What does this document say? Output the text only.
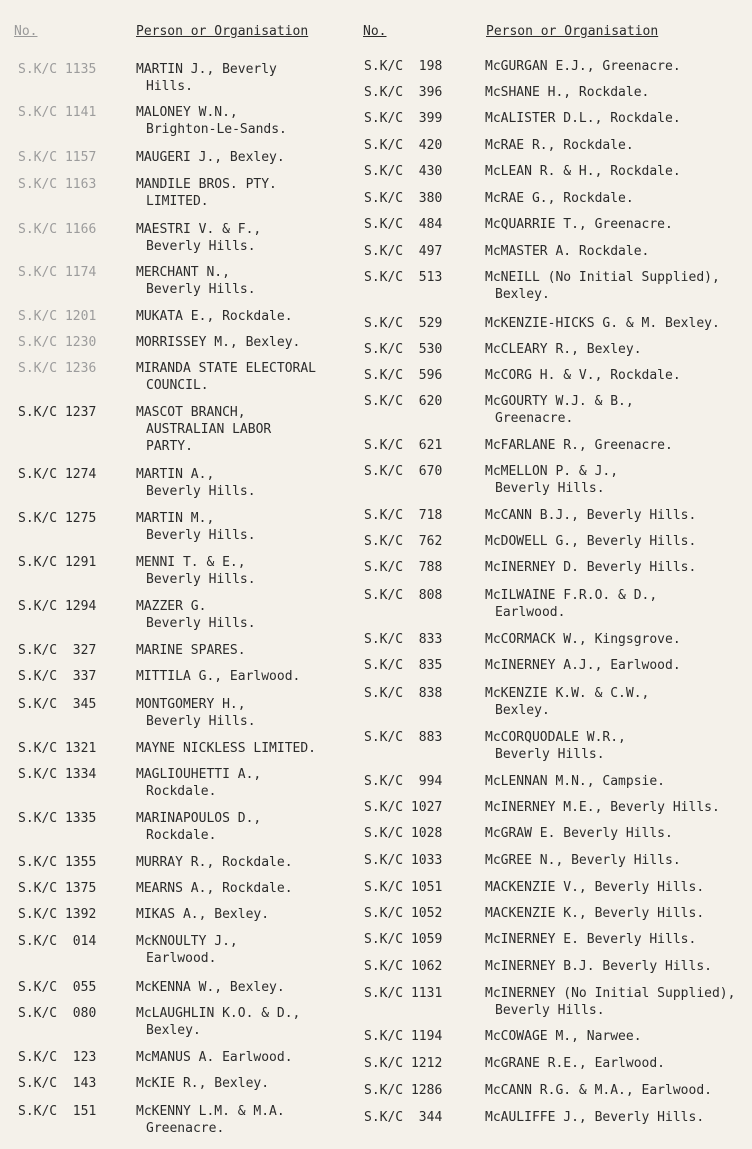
No.	Person or Organisation
S.K/C 1135	MARTIN J., Beverly
Hills.
S.K/C 1141	MALONEY W.N.,
Brighton-Le-Sands.
S.K/C 1157	MAUGERI J., Bexley.
S.K/C 1163	MANDILE BROS. PTY.
LIMITED.
S.K/C 1166	MAESTRI V. & F.,
Beverly Hills.
S.K/C 1174	MERCHANT N.,
Beverly Hills.
S.K/C 1201	MUKATA E., Rockdale.
S.K/C 1230	MORRISSEY M., Bexley.
S.K/C 1236	MIRANDA STATE ELECTORAL
COUNCIL.
S.K/C 1237	MASCOT BRANCH,
AUSTRALIAN LABOR
PARTY.
S.K/C 1274	MARTIN A.,
Beverly Hills.
S.K/C 1275	MARTIN M.,
Beverly Hills.
S.K/C 1291	MENNI T. & E.,
Beverly Hills.
S.K/C 1294	MAZZER G.
Beverly Hills.
S.K/C  327	MARINE SPARES.
S.K/C  337	MITTILA G., Earlwood.
S.K/C  345	MONTGOMERY H.,
Beverly Hills.
S.K/C 1321	MAYNE NICKLESS LIMITED.
S.K/C 1334	MAGLIOUHETTI A.,
Rockdale.
S.K/C 1335	MARINAPOULOS D.,
Rockdale.
S.K/C 1355	MURRAY R., Rockdale.
S.K/C 1375	MEARNS A., Rockdale.
S.K/C 1392	MIKAS A., Bexley.
S.K/C  014	McKNOULTY J.,
Earlwood.
S.K/C  055	McKENNA W., Bexley.
S.K/C  080	McLAUGHLIN K.O. & D.,
Bexley.
S.K/C  123	McMANUS A. Earlwood.
S.K/C  143	McKIE R., Bexley.
S.K/C  151	McKENNY L.M. & M.A.
Greenacre.
No.	Person or Organisation
S.K/C  198	McGURGAN E.J., Greenacre.
S.K/C  396	McSHANE H., Rockdale.
S.K/C  399	McALISTER D.L., Rockdale.
S.K/C  420	McRAE R., Rockdale.
S.K/C  430	McLEAN R. & H., Rockdale.
S.K/C  380	McRAE G., Rockdale.
S.K/C  484	McQUARRIE T., Greenacre.
S.K/C  497	McMASTER A. Rockdale.
S.K/C  513	McNEILL (No Initial Supplied),
Bexley.
S.K/C  529	McKENZIE-HICKS G. & M. Bexley.
S.K/C  530	McCLEARY R., Bexley.
S.K/C  596	McCORG H. & V., Rockdale.
S.K/C  620	McGOURTY W.J. & B.,
Greenacre.
S.K/C  621	McFARLANE R., Greenacre.
S.K/C  670	McMELLON P. & J.,
Beverly Hills.
S.K/C  718	McCANN B.J., Beverly Hills.
S.K/C  762	McDOWELL G., Beverly Hills.
S.K/C  788	McINERNEY D. Beverly Hills.
S.K/C  808	McILWAINE F.R.O. & D.,
Earlwood.
S.K/C  833	McCORMACK W., Kingsgrove.
S.K/C  835	McINERNEY A.J., Earlwood.
S.K/C  838	McKENZIE K.W. & C.W.,
Bexley.
S.K/C  883	McCORQUODALE W.R.,
Beverly Hills.
S.K/C  994	McLENNAN M.N., Campsie.
S.K/C 1027	McINERNEY M.E., Beverly Hills.
S.K/C 1028	McGRAW E. Beverly Hills.
S.K/C 1033	McGREE N., Beverly Hills.
S.K/C 1051	MACKENZIE V., Beverly Hills.
S.K/C 1052	MACKENZIE K., Beverly Hills.
S.K/C 1059	McINERNEY E. Beverly Hills.
S.K/C 1062	McINERNEY B.J. Beverly Hills.
S.K/C 1131	McINERNEY (No Initial Supplied),
Beverly Hills.
S.K/C 1194	McCOWAGE M., Narwee.
S.K/C 1212	McGRANE R.E., Earlwood.
S.K/C 1286	McCANN R.G. & M.A., Earlwood.
S.K/C  344	McAULIFFE J., Beverly Hills.
